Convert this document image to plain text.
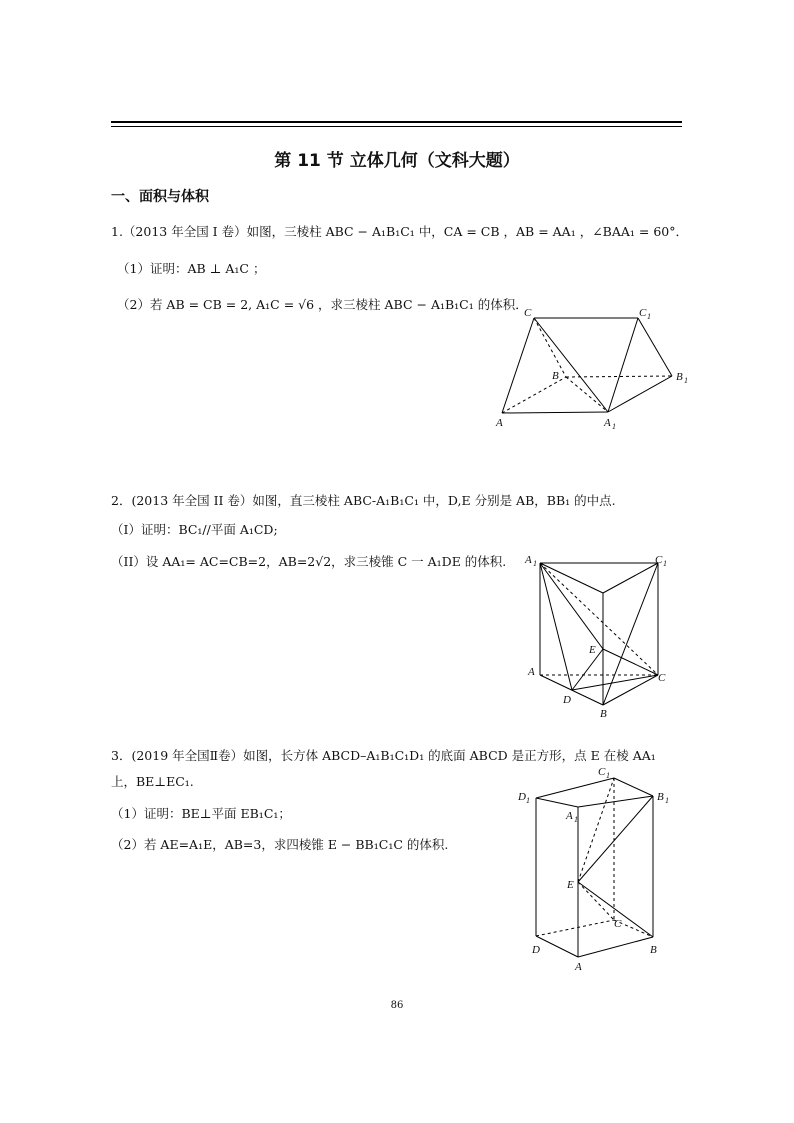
第 11 节 立体几何（文科大题）
一、面积与体积
1.（2013 年全国 I 卷）如图，三棱柱 ABC − A₁B₁C₁ 中，CA = CB ，AB = AA₁ ，∠BAA₁ = 60°．
（1）证明：AB ⊥ A₁C ；
（2）若 AB = CB = 2, A₁C = √6 ，求三棱柱 ABC − A₁B₁C₁ 的体积．
C	C 1
B	B 1
A	A 1
2．(2013 年全国 II 卷）如图，直三棱柱 ABC-A₁B₁C₁ 中，D,E 分别是 AB，BB₁ 的中点.
（I）证明：BC₁//平面 A₁CD;
（II）设 AA₁= AC=CB=2，AB=2√2，求三棱锥 C 一 A₁DE 的体积. A 1	C 1
E
A	C
D
B
3．(2019 年全国Ⅱ卷）如图，长方体 ABCD–A₁B₁C₁D₁ 的底面 ABCD 是正方形，点 E 在棱 AA₁
上，BE⊥EC₁.
（1）证明：BE⊥平面 EB₁C₁；
（2）若 AE=A₁E，AB=3，求四棱锥 E − BB₁C₁C 的体积.
C 1
D 1	B 1
A 1
E
C
D	B
A
86
